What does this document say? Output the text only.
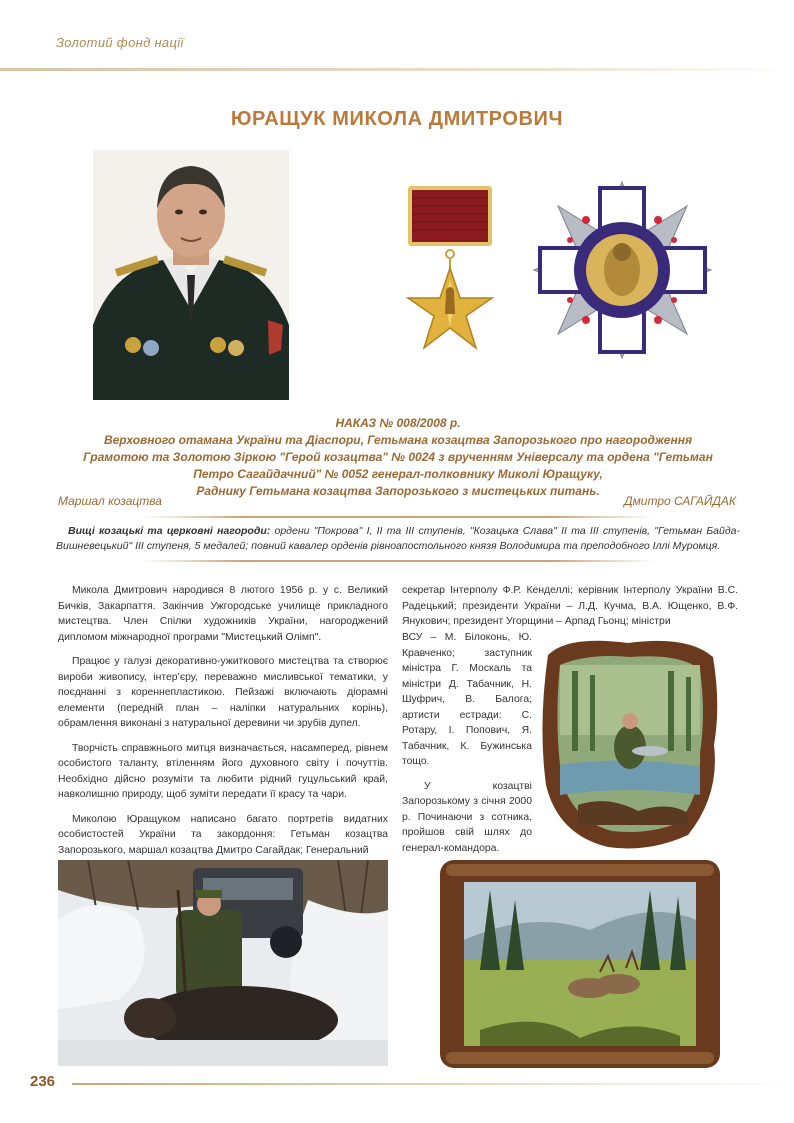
Золотий фонд нації
ЮРАЩУК МИКОЛА ДМИТРОВИЧ
НАКАЗ № 008/2008 р.
Верховного отамана України та Діаспори, Гетьмана козацтва Запорозького про нагородження
Грамотою та Золотою Зіркою "Герой козацтва" № 0024 з врученням Універсалу та ордена "Гетьман
Петро Сагайдачний" № 0052 генерал-полковнику Миколі Юращуку,
Раднику Гетьмана козацтва Запорозького з мистецьких питань.
Маршал козацтва	Дмитро САГАЙДАК

Вищі козацькі та церковні нагороди: ордени "Покрова" І, ІІ та ІІІ ступенів, "Козацька Слава" ІІ та ІІІ ступенів, "Гетьман Байда-Вишневецький" ІІІ ступеня, 5 медалей; повний кавалер орденів рівноапостольного князя Володимира та преподобного Іллі Муромця.

Микола Дмитрович народився 8 лютого 1956 р. у с. Великий Бичків, Закарпаття. Закінчив Ужгородське училище прикладного мистецтва. Член Спілки художників України, нагороджений дипломом міжнародної програми "Мистецький Олімп".

Працює у галузі декоративно-ужиткового мистецтва та створює вироби живопису, інтер’єру, переважно мисливської тематики, у поєднанні з кореннепластикою. Пейзажі включають діорамні елементи (передній план – наліпки натуральних корінь), обрамлення виконані з натуральної деревини чи зрубів дупел.

Творчість справжнього митця визначається, насамперед, рівнем особистого таланту, втіленням його духовного світу і почуттів. Необхідно дійсно розуміти та любити рідний гуцульський край, навколишню природу, щоб зуміти передати її красу та чари.

Миколою Юращуком написано багато портретів видатних особистостей України та закордоння: Гетьман козацтва Запорозького, маршал козацтва Дмитро Сагайдак; Генеральний

секретар Інтерполу Ф.Р. Кенделлі; керівник Інтерполу України В.С. Радецький; президенти України – Л.Д. Кучма, В.А. Ющенко, В.Ф. Янукович; президент Угорщини – Арпад Гьонц; міністри

ВСУ – М. Білоконь, Ю. Кравченко; заступник міністра Г. Москаль та міністри Д. Табачник, Н. Шуфрич, В. Балога; артисти естради: С. Ротару, І. Попович, Я. Табачник, К. Бужинська тощо.

У козацтві Запорозькому з січня 2000 р. Починаючи з сотника, пройшов свій шлях до генерал-командора.

236
